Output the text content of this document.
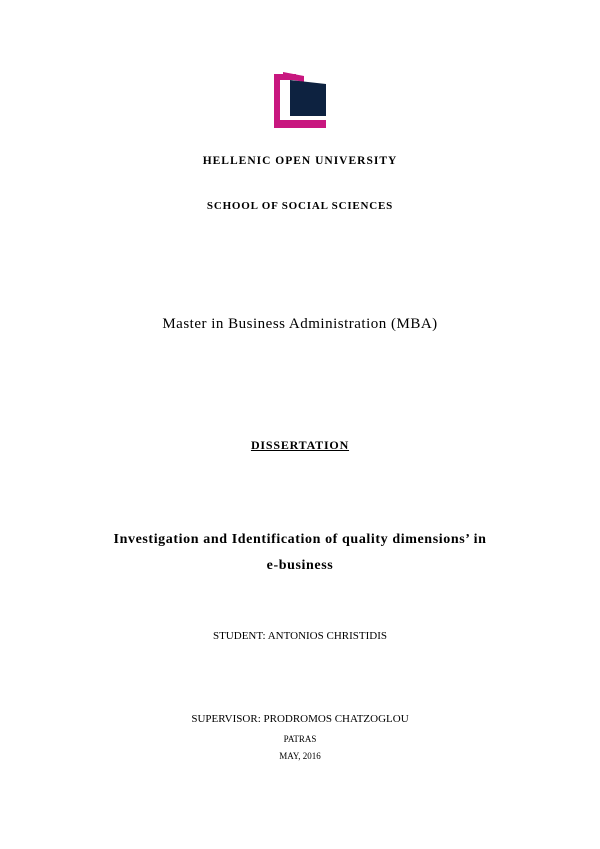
HELLENIC OPEN UNIVERSITY
SCHOOL OF SOCIAL SCIENCES
Master in Business Administration (MBA)
DISSERTATION
Investigation and Identification of quality dimensions’ in
e-business
STUDENT: ANTONIOS CHRISTIDIS
SUPERVISOR: PRODROMOS CHATZOGLOU
PATRAS
MAY, 2016
